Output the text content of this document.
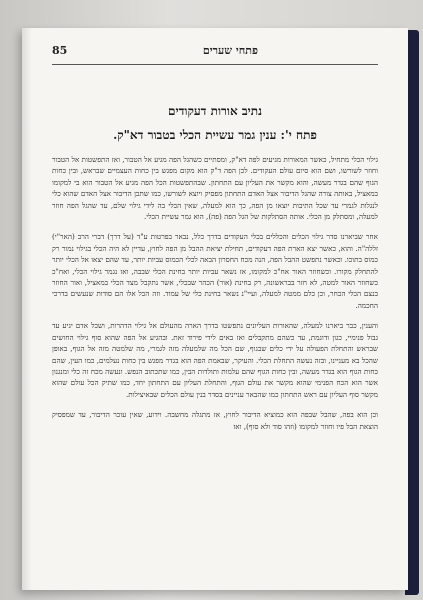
פתחי שערים
85
נתיב אורות דעקודים
פתח י': ענין גמר עשיית הכלי בטבור דא"ק.

גילוי הכלי מתחיל, כאשר המאורות מגיעים לפה דא"ק, ומסתיים כשהגל הפה מגיע אל הטבור, ואז התפשטות אל הטבור וחוזר לשורשו, ושם הוא סיום עולם העקודים. לכן הפה ד"ק הוא מקום מפגש בין כחות העצמיים שבראש, ובין כחות הגוף שהם בגדר מעשה, והוא מקשר את העליון עם התחתון. שבהתפשטות הכל הפה מגיע אל הטבור הוא בי למקומו במאציל, באותה צורה שהגל הדיבור אצל האדם התחתון מפסיק ויוצא לשורשו, כמו שתכן הדיבור אצל האדם שהוא כלי לנגלות לגמרי עד שכל התיבות יוצאו מן הפה, כך הוא למעלה, שאין הכלי בה לידי גילוי שלם, עד שהגל הפה חוזר למעלה, ומסתלק מן הכלי. אותה הסתלקות של הגל הפה (פה), הוא גמר עשיית הכלי.

אחר שביארנו סדר גילוי הכלים והכללים בכלי העקודים בדרך כלל, נבאר בפרטות ע"ד (על דרך) דברי הרב (האר"י) זללה"ה. והוא, כאשר יצא הארת הפה דעקודים, תחילת יציאת ההבל מן הפה לחוץ, עדיין לא היה הכלי בגילוי נמור רק כמוס בתוכו. וכאשר נתפשט ההבל הפה, הנה מכח החסרון הבאה לכלי הכמוס עביות יותר, עד שהם יצאו אל הכלי יותר להתחלק מקורו. וכשחוזר האור אח"כ למקומו, אז נשאר עביות יותר בחינת הכלי שבבה, ואז נגמר גילוי הכלי, ואח"כ כשחוזר האור למטה, לא חזר בבראשונה, רק בחינת (אור) הכהר שבכלי, אשר נתקבל מצד הכלי במאציל, ואור החוזר בנצם הכלי הכחר, וכן כלם ממטה למעלה, ועיי"נ נשאר בחינת כלי של עמוד. וזה הכל אלו הם סודות שנעשים בדרכי החכמה.

והענין, כבר ביארנו למעלה, שהאורות העליונים נתפשטו בדרך הארה מהעולם אל גילוי הדהרות, ושכל אדם יגיע עד גבול פנימיי, כגון ודוגמת, עד כשהם מתקבלים ואז באים לידי פירוד זאת. ובהגיע אל הפה שהוא סוף גילוי החושים שבראש והתחלת הפעולה על ידי כלים שבגוף, שם הכל מה שלמעלה מזה לגמרי, מה שלמטה מזה אל הגוף, באופן שהכל בא מעניינו, ובזה נעשה התחלת הכלי. והעיקר, שבאמת הפה הוא בגדר מפגש בין כחות נעלמים, כמו העין, שהם כחות הגוף הוא בגדר מעשה, ובין כחות הגוף שהם עלמות ותולדות הבין, כמו שתכתוב הנפש. ונעשה מכח זה כלי ומנגנון אשר הוא הכח הפנימי שהוא מקשר את עולם הגוף, והתחלת העליון עם התחתון יחד, כמו שתיק הכל עולם שהוא מקשר סוף העליון עם ראש התחתון כמו שהבאר עניינים בסדר בנין עולם הכלים שבאיצילות.

וכן הוא בפה, שהבל שבפה הוא כמוציא הדיבור לחוץ, אז מתגלה מחשבה. וידוע, שאין עוכר הדיבור, עד שמפסיק הוצאת הבל פיו וחוזר למקומו (וזהו סוד ולא סוף), ואז
